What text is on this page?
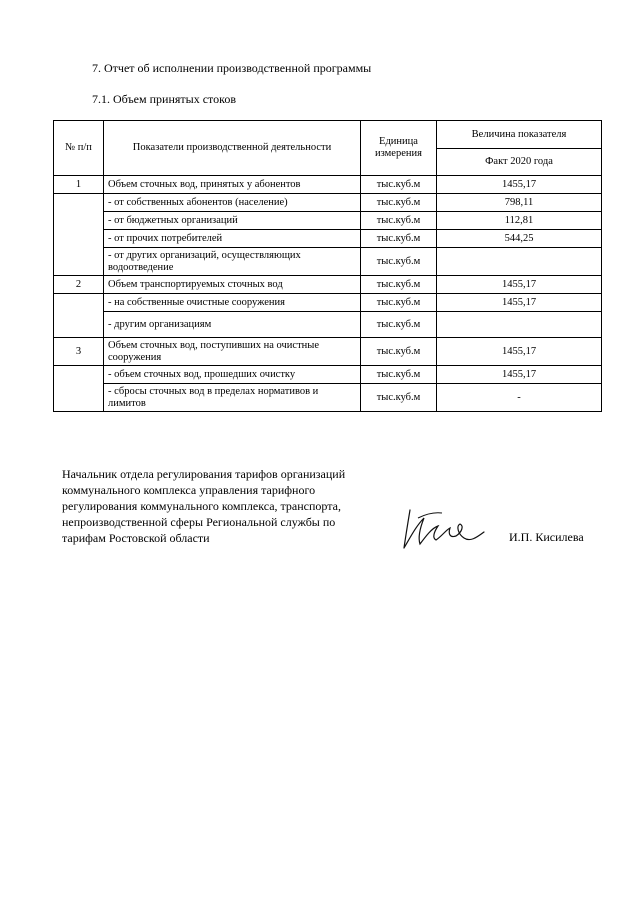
7. Отчет об исполнении производственной программы
7.1. Объем принятых стоков
№ п/п	Показатели производственной деятельности	Единица измерения	Величина показателя
			Факт 2020 года
1	Объем сточных вод, принятых у абонентов	тыс.куб.м	1455,17
	- от собственных абонентов (население)	тыс.куб.м	798,11
	- от бюджетных организаций	тыс.куб.м	112,81
	- от прочих потребителей	тыс.куб.м	544,25
	- от других организаций, осуществляющих водоотведение	тыс.куб.м	
2	Объем транспортируемых сточных вод	тыс.куб.м	1455,17
	- на собственные очистные сооружения	тыс.куб.м	1455,17
	- другим организациям	тыс.куб.м	
3	Объем сточных вод, поступивших на очистные сооружения	тыс.куб.м	1455,17
	- объем сточных вод, прошедших очистку	тыс.куб.м	1455,17
	- сбросы сточных вод в пределах нормативов и лимитов	тыс.куб.м	-
Начальник отдела регулирования тарифов организаций коммунального комплекса управления тарифного регулирования коммунального комплекса, транспорта, непроизводственной сферы Региональной службы по тарифам Ростовской области	И.П. Кисилева
